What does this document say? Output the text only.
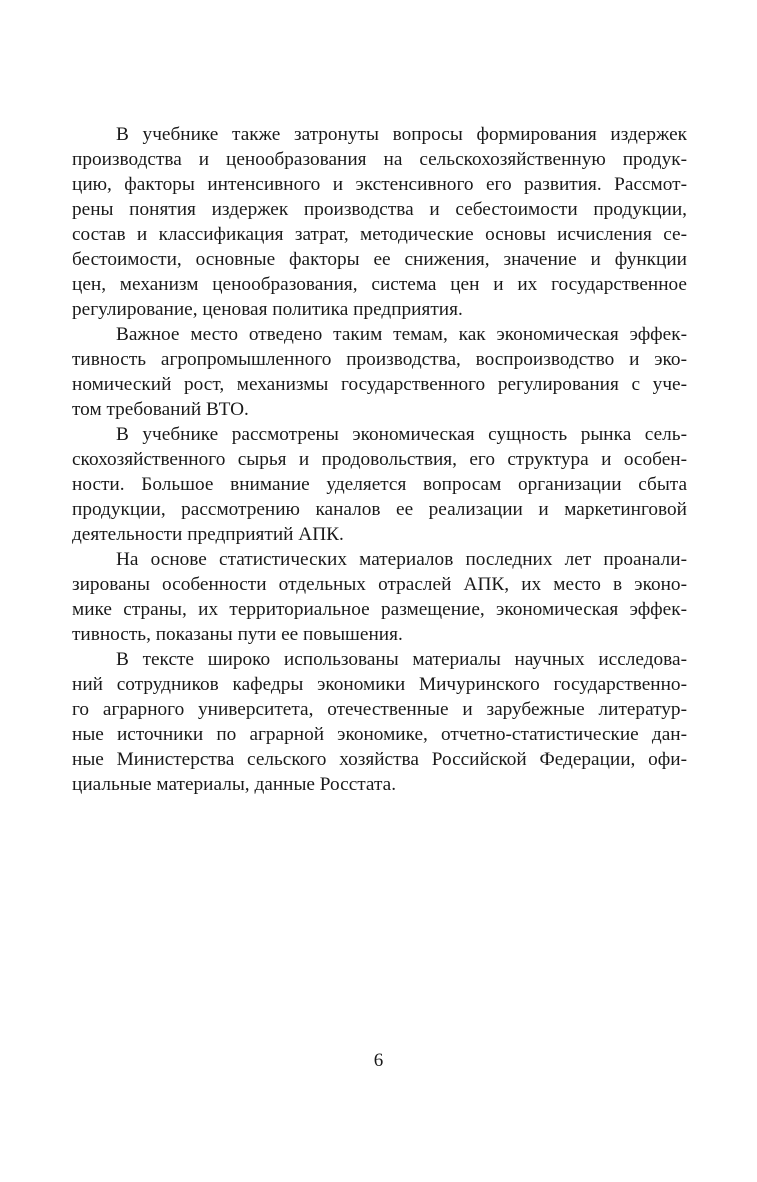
В учебнике также затронуты вопросы формирования издержек
производства и ценообразования на сельскохозяйственную продук-
цию, факторы интенсивного и экстенсивного его развития. Рассмот-
рены понятия издержек производства и себестоимости продукции,
состав и классификация затрат, методические основы исчисления се-
бестоимости, основные факторы ее снижения, значение и функции
цен, механизм ценообразования, система цен и их государственное
регулирование, ценовая политика предприятия.
Важное место отведено таким темам, как экономическая эффек-
тивность агропромышленного производства, воспроизводство и эко-
номический рост, механизмы государственного регулирования с уче-
том требований ВТО.
В учебнике рассмотрены экономическая сущность рынка сель-
скохозяйственного сырья и продовольствия, его структура и особен-
ности. Большое внимание уделяется вопросам организации сбыта
продукции, рассмотрению каналов ее реализации и маркетинговой
деятельности предприятий АПК.
На основе статистических материалов последних лет проанали-
зированы особенности отдельных отраслей АПК, их место в эконо-
мике страны, их территориальное размещение, экономическая эффек-
тивность, показаны пути ее повышения.
В тексте широко использованы материалы научных исследова-
ний сотрудников кафедры экономики Мичуринского государственно-
го аграрного университета, отечественные и зарубежные литератур-
ные источники по аграрной экономике, отчетно-статистические дан-
ные Министерства сельского хозяйства Российской Федерации, офи-
циальные материалы, данные Росстата.
6
